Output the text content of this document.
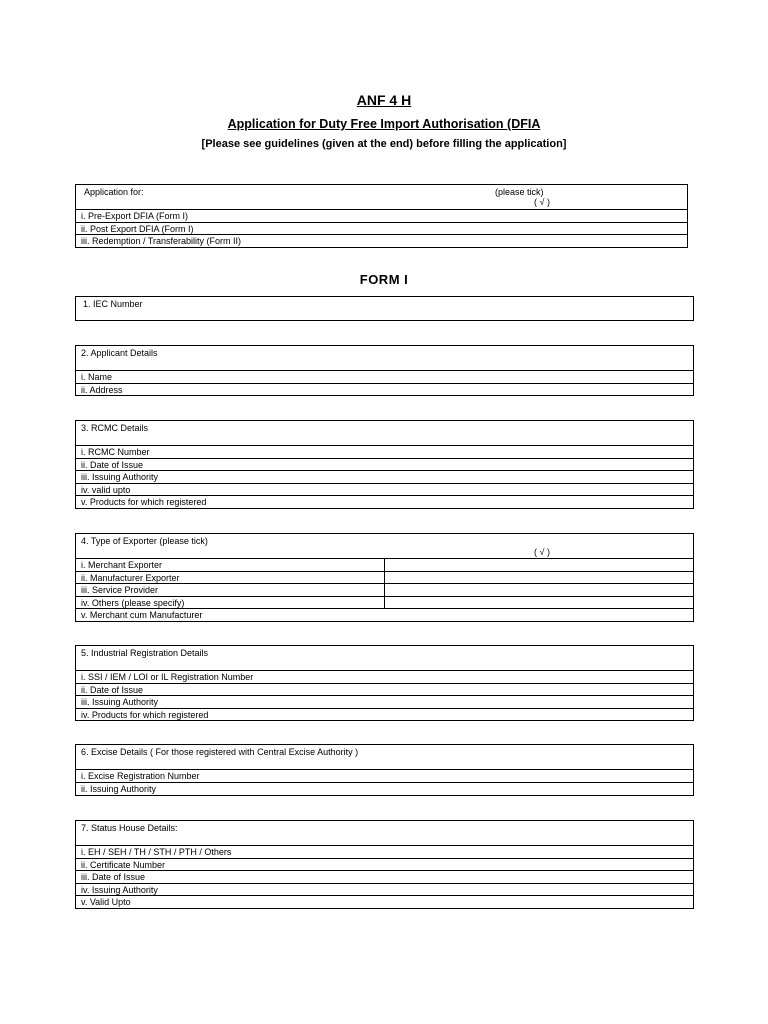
ANF 4 H
Application for Duty Free Import Authorisation (DFIA
[Please see guidelines (given at the end) before filling the application]
Application for:	(please tick)
( √ )
i. Pre-Export DFIA (Form I)
ii. Post Export DFIA (Form I)
iii. Redemption / Transferability (Form II)
FORM I
1. IEC Number
2. Applicant Details
i. Name
ii. Address
3. RCMC Details
i. RCMC Number
ii. Date of Issue
iii. Issuing Authority
iv. valid upto
v. Products for which registered
4. Type of Exporter (please tick)
( √ )
i. Merchant Exporter
ii. Manufacturer Exporter
iii. Service Provider
iv. Others (please specify)
v. Merchant cum Manufacturer
5. Industrial Registration Details
i. SSI / IEM / LOI or IL Registration Number
ii. Date of Issue
iii. Issuing Authority
iv. Products for which registered
6. Excise Details ( For those registered with Central Excise Authority )
i. Excise Registration Number
ii. Issuing Authority
7. Status House Details:
i. EH / SEH / TH / STH / PTH / Others
ii. Certificate Number
iii. Date of Issue
iv. Issuing Authority
v. Valid Upto
